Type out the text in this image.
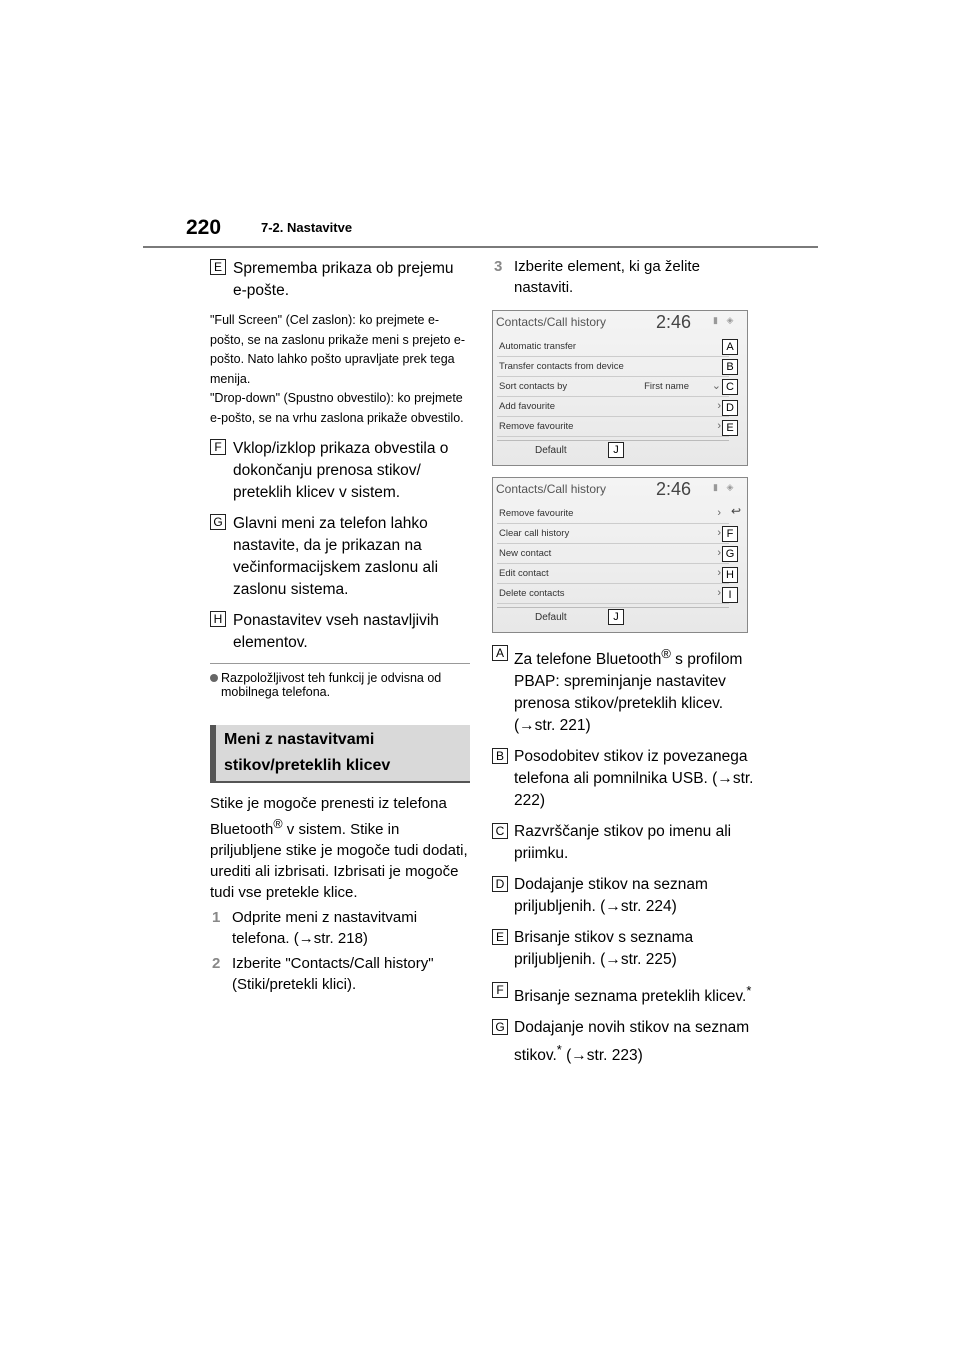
220	7-2. Nastavitve
E Sprememba prikaza ob prejemu e-pošte.
"Full Screen" (Cel zaslon): ko prejmete e-pošto, se na zaslonu prikaže meni s prejeto e-pošto. Nato lahko pošto upravljate prek tega menija.
"Drop-down" (Spustno obvestilo): ko prejmete e-pošto, se na vrhu zaslona prikaže obvestilo.
F Vklop/izklop prikaza obvestila o dokončanju prenosa stikov/ preteklih klicev v sistem.
G Glavni meni za telefon lahko nastavite, da je prikazan na večinformacijskem zaslonu ali zaslonu sistema.
H Ponastavitev vseh nastavljivih elementov.
Razpoložljivost teh funkcij je odvisna od mobilnega telefona.
Meni z nastavitvami stikov/preteklih klicev
Stike je mogoče prenesti iz telefona Bluetooth® v sistem. Stike in priljubljene stike je mogoče tudi dodati, urediti ali izbrisati. Izbrisati je mogoče tudi vse pretekle klice.
1 Odprite meni z nastavitvami telefona. (→str. 218)
2 Izberite "Contacts/Call history" (Stiki/pretekli klici).
3 Izberite element, ki ga želite nastaviti.
Contacts/Call history	2:46 ▮ ◈
Automatic transfer
Transfer contacts from device
Sort contacts by	First name ⌄
Add favourite	›
Remove favourite	›
Default
A
B
C
D
E
J
Contacts/Call history	2:46 ▮ ◈
↩
Remove favourite	›
Clear call history	›
New contact	›
Edit contact	›
Delete contacts	›
Default
F
G
H
I
J
A Za telefone Bluetooth® s profilom PBAP: spreminjanje nastavitev prenosa stikov/preteklih klicev. (→str. 221)
B Posodobitev stikov iz povezanega telefona ali pomnilnika USB. (→str. 222)
C Razvrščanje stikov po imenu ali priimku.
D Dodajanje stikov na seznam priljubljenih. (→str. 224)
E Brisanje stikov s seznama priljubljenih. (→str. 225)
F Brisanje seznama preteklih klicev.*
G Dodajanje novih stikov na seznam stikov.* (→str. 223)
